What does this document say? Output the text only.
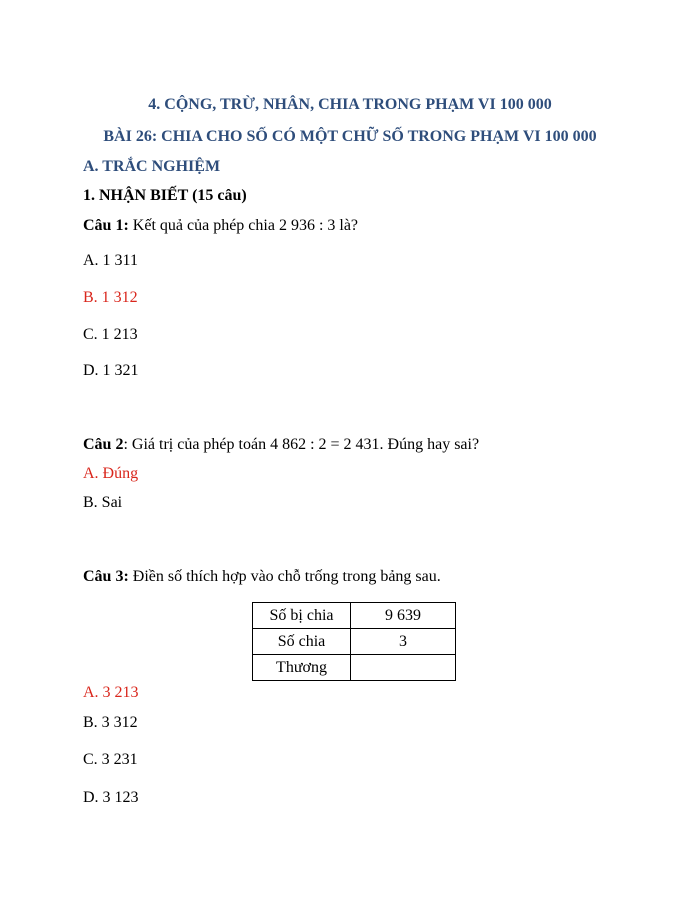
4. CỘNG, TRỪ, NHÂN, CHIA TRONG PHẠM VI 100 000
BÀI 26: CHIA CHO SỐ CÓ MỘT CHỮ SỐ TRONG PHẠM VI 100 000
A. TRẮC NGHIỆM
1. NHẬN BIẾT (15 câu)
Câu 1: Kết quả của phép chia 2 936 : 3 là?
A. 1 311
B. 1 312
C. 1 213
D. 1 321
Câu 2: Giá trị của phép toán 4 862 : 2 = 2 431. Đúng hay sai?
A. Đúng
B. Sai
Câu 3: Điền số thích hợp vào chỗ trống trong bảng sau.
Số bị chia	9 639
Số chia	3
Thương	
A. 3 213
B. 3 312
C. 3 231
D. 3 123
